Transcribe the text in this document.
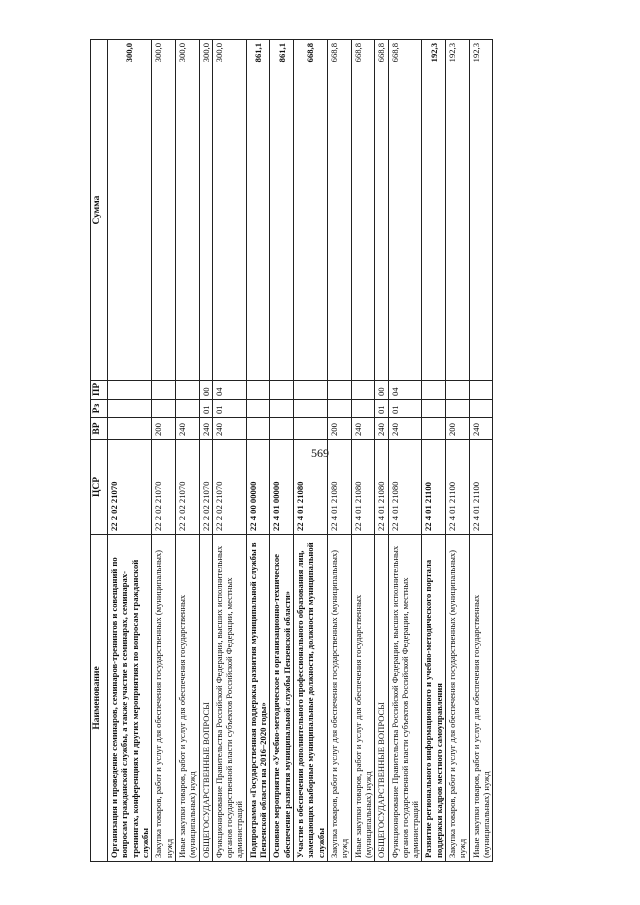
569
Наименование	ЦСР	ВР	Рз	ПР	Сумма
Организация и проведение семинаров, семинаров-тренингов и совещаний по вопросам гражданской службы, а также участие в семинарах, семинарах-тренингах, конференциях и других мероприятиях по вопросам гражданской службы	22 2 02 21070				300,0
Закупка товаров, работ и услуг для обеспечения государственных (муниципальных) нужд	22 2 02 21070	200			300,0
Иные закупки товаров, работ и услуг для обеспечения государственных (муниципальных) нужд	22 2 02 21070	240			300,0
ОБЩЕГОСУДАРСТВЕННЫЕ ВОПРОСЫ	22 2 02 21070	240	01	00	300,0
Функционирование Правительства Российской Федерации, высших исполнительных органов государственной власти субъектов Российской Федерации, местных администраций	22 2 02 21070	240	01	04	300,0
Подпрограмма «Государственная поддержка развития муниципальной службы в Пензенской области на 2016–2020 годы»	22 4 00 00000				861,1
Основное мероприятие «Учебно-методическое и организационно-техническое обеспечение развития муниципальной службы Пензенской области»	22 4 01 00000				861,1
Участие в обеспечении дополнительного профессионального образования лиц, замещающих выборные муниципальные должности, должности муниципальной службы	22 4 01 21080				668,8
Закупка товаров, работ и услуг для обеспечения государственных (муниципальных) нужд	22 4 01 21080	200			668,8
Иные закупки товаров, работ и услуг для обеспечения государственных (муниципальных) нужд	22 4 01 21080	240			668,8
ОБЩЕГОСУДАРСТВЕННЫЕ ВОПРОСЫ	22 4 01 21080	240	01	00	668,8
Функционирование Правительства Российской Федерации, высших исполнительных органов государственной власти субъектов Российской Федерации, местных администраций	22 4 01 21080	240	01	04	668,8
Развитие регионального информационного и учебно-методического портала поддержки кадров местного самоуправления	22 4 01 21100				192,3
Закупка товаров, работ и услуг для обеспечения государственных (муниципальных) нужд	22 4 01 21100	200			192,3
Иные закупки товаров, работ и услуг для обеспечения государственных (муниципальных) нужд	22 4 01 21100	240			192,3
